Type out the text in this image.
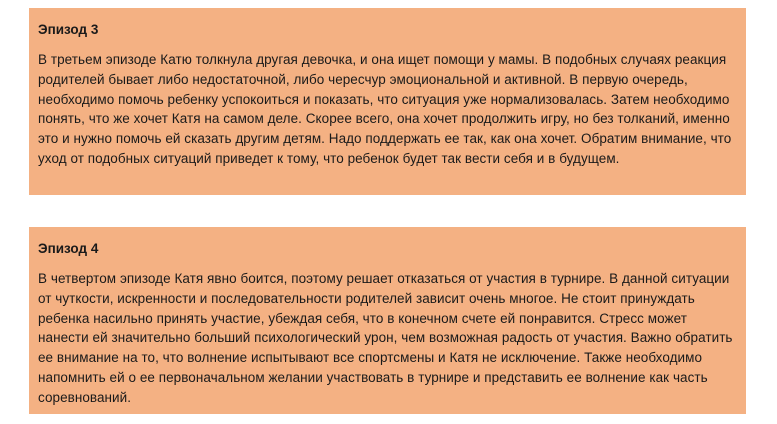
Эпизод 3

В третьем эпизоде Катю толкнула другая девочка, и она ищет помощи у мамы. В подобных случаях реакция родителей бывает либо недостаточной, либо чересчур эмоциональной и активной. В первую очередь, необходимо помочь ребенку успокоиться и показать, что ситуация уже нормализовалась. Затем необходимо понять, что же хочет Катя на самом деле. Скорее всего, она хочет продолжить игру, но без толканий, именно это и нужно помочь ей сказать другим детям. Надо поддержать ее так, как она хочет. Обратим внимание, что уход от подобных ситуаций приведет к тому, что ребенок будет так вести себя и в будущем.

Эпизод 4

В четвертом эпизоде Катя явно боится, поэтому решает отказаться от участия в турнире. В данной ситуации от чуткости, искренности и последовательности родителей зависит очень многое. Не стоит принуждать ребенка насильно принять участие, убеждая себя, что в конечном счете ей понравится. Стресс может нанести ей значительно больший психологический урон, чем возможная радость от участия. Важно обратить ее внимание на то, что волнение испытывают все спортсмены и Катя не исключение. Также необходимо напомнить ей о ее первоначальном желании участвовать в турнире и представить ее волнение как часть соревнований.
